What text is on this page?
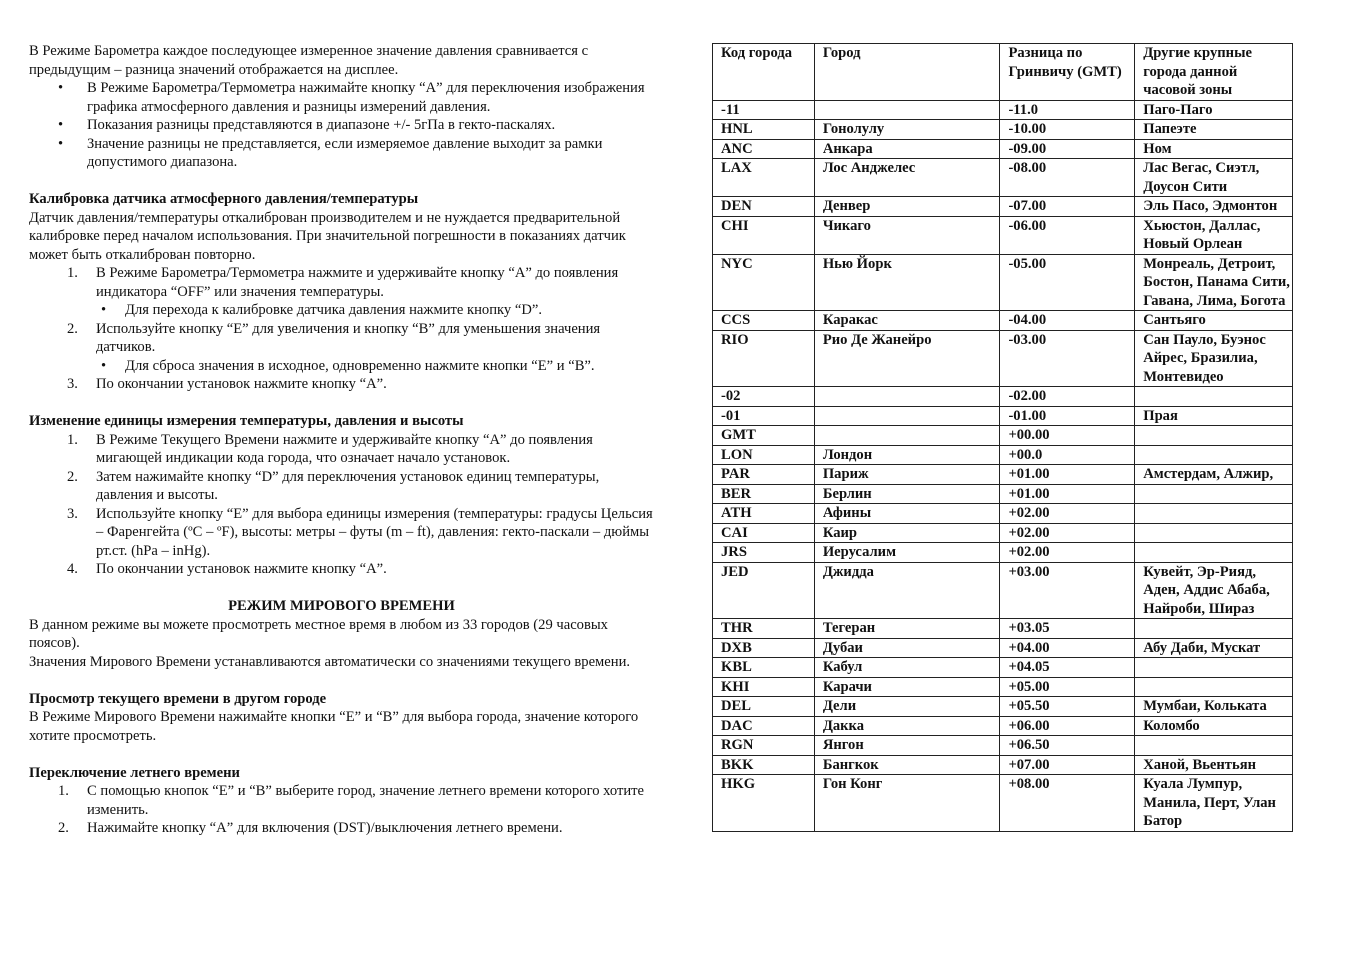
В Режиме Барометра каждое последующее измеренное значение давления сравнивается с предыдущим – разница значений отображается на дисплее.

• В Режиме Барометра/Термометра нажимайте кнопку “A” для переключения изображения графика атмосферного давления и разницы измерений давления.
• Показания разницы представляются в диапазоне +/- 5гПа в гекто-паскалях.
• Значение разницы не представляется, если измеряемое давление выходит за рамки допустимого диапазона.
Калибровка датчика атмосферного давления/температуры

Датчик давления/температуры откалиброван производителем и не нуждается предварительной калибровке перед началом использования. При значительной погрешности в показаниях датчик может быть откалиброван повторно.

1. В Режиме Барометра/Термометра нажмите и удерживайте кнопку “A” до появления индикатора “OFF” или значения температуры.
• Для перехода к калибровке датчика давления нажмите кнопку “D”.
2. Используйте кнопку “E” для увеличения и кнопку “B” для уменьшения значения датчиков.
• Для сброса значения в исходное, одновременно нажмите кнопки “E” и “B”.
3. По окончании установок нажмите кнопку “A”.
Изменение единицы измерения температуры, давления и высоты
1. В Режиме Текущего Времени нажмите и удерживайте кнопку “A” до появления мигающей индикации кода города, что означает начало установок.
2. Затем нажимайте кнопку “D” для переключения установок единиц температуры, давления и высоты.
3. Используйте кнопку “E” для выбора единицы измерения (температуры: градусы Цельсия – Фаренгейта (ºC – ºF), высоты: метры – футы (m – ft), давления: гекто-паскали – дюймы рт.ст. (hPa – inHg).
4. По окончании установок нажмите кнопку “A”.
РЕЖИМ МИРОВОГО ВРЕМЕНИ

В данном режиме вы можете просмотреть местное время в любом из 33 городов (29 часовых поясов).

Значения Мирового Времени устанавливаются автоматически со значениями текущего времени.

Просмотр текущего времени в другом городе

В Режиме Мирового Времени нажимайте кнопки “E” и “B” для выбора города, значение которого хотите просмотреть.

Переключение летнего времени
1. С помощью кнопок “E” и “B” выберите город, значение летнего времени которого хотите изменить.
2. Нажимайте кнопку “A” для включения (DST)/выключения летнего времени.
Код города	Город	Разница по Гринвичу (GMT)	Другие крупные города данной часовой зоны
-11		-11.0	Паго-Паго
HNL	Гонолулу	-10.00	Папеэте
ANC	Анкара	-09.00	Ном
LAX	Лос Анджелес	-08.00	Лас Вегас, Сиэтл, Доусон Сити
DEN	Денвер	-07.00	Эль Пасо, Эдмонтон
CHI	Чикаго	-06.00	Хьюстон, Даллас, Новый Орлеан
NYC	Нью Йорк	-05.00	Монреаль, Детроит, Бостон, Панама Сити, Гавана, Лима, Богота
CCS	Каракас	-04.00	Сантьяго
RIO	Рио Де Жанейро	-03.00	Сан Пауло, Буэнос Айрес, Бразилиа, Монтевидео
-02		-02.00	
-01		-01.00	Прая
GMT		+00.00	
LON	Лондон	+00.0	
PAR	Париж	+01.00	Амстердам, Алжир,
BER	Берлин	+01.00	
ATH	Афины	+02.00	
CAI	Каир	+02.00	
JRS	Иерусалим	+02.00	
JED	Джидда	+03.00	Кувейт, Эр-Рияд, Аден, Аддис Абаба, Найроби, Шираз
THR	Тегеран	+03.05	
DXB	Дубаи	+04.00	Абу Даби, Мускат
KBL	Кабул	+04.05	
KHI	Карачи	+05.00	
DEL	Дели	+05.50	Мумбаи, Кольката
DAC	Дакка	+06.00	Коломбо
RGN	Янгон	+06.50	
BKK	Бангкок	+07.00	Ханой, Вьентьян
HKG	Гон Конг	+08.00	Куала Лумпур, Манила, Перт, Улан Батор
